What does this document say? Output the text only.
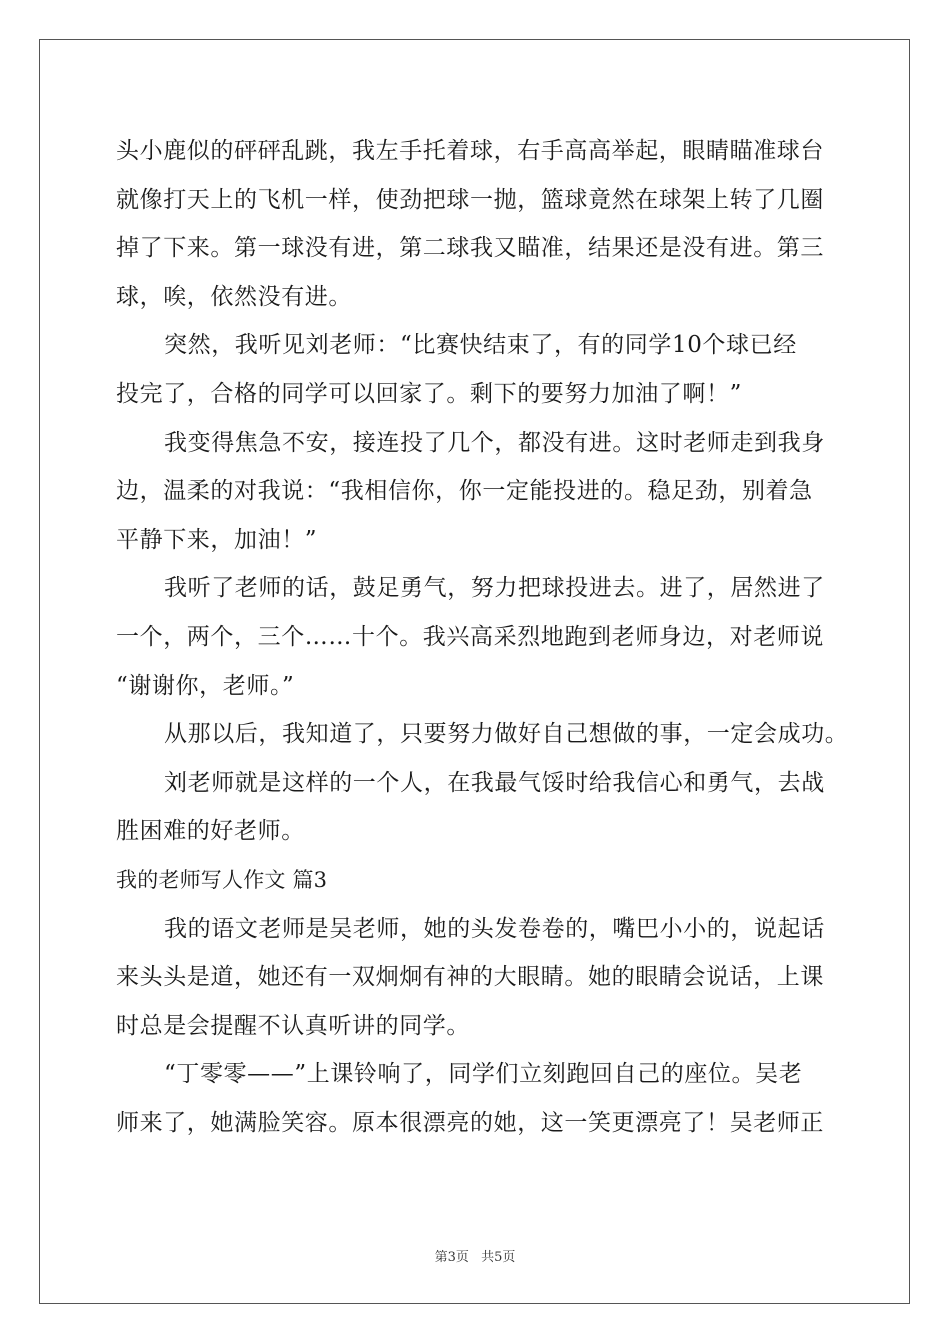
头小鹿似的砰砰乱跳，我左手托着球，右手高高举起，眼睛瞄准球台
就像打天上的飞机一样，使劲把球一抛，篮球竟然在球架上转了几圈
掉了下来。第一球没有进，第二球我又瞄准，结果还是没有进。第三
球，唉，依然没有进。
突然，我听见刘老师：“比赛快结束了，有的同学10个球已经
投完了，合格的同学可以回家了。剩下的要努力加油了啊！”
我变得焦急不安，接连投了几个，都没有进。这时老师走到我身
边，温柔的对我说：“我相信你，你一定能投进的。稳足劲，别着急
平静下来，加油！”
我听了老师的话，鼓足勇气，努力把球投进去。进了，居然进了
一个，两个，三个……十个。我兴高采烈地跑到老师身边，对老师说
“谢谢你，老师。”
从那以后，我知道了，只要努力做好自己想做的事，一定会成功。
刘老师就是这样的一个人，在我最气馁时给我信心和勇气，去战
胜困难的好老师。
我的老师写人作文 篇3
我的语文老师是吴老师，她的头发卷卷的，嘴巴小小的，说起话
来头头是道，她还有一双炯炯有神的大眼睛。她的眼睛会说话，上课
时总是会提醒不认真听讲的同学。
“丁零零——”上课铃响了，同学们立刻跑回自己的座位。吴老
师来了，她满脸笑容。原本很漂亮的她，这一笑更漂亮了！吴老师正
第3页 共5页
